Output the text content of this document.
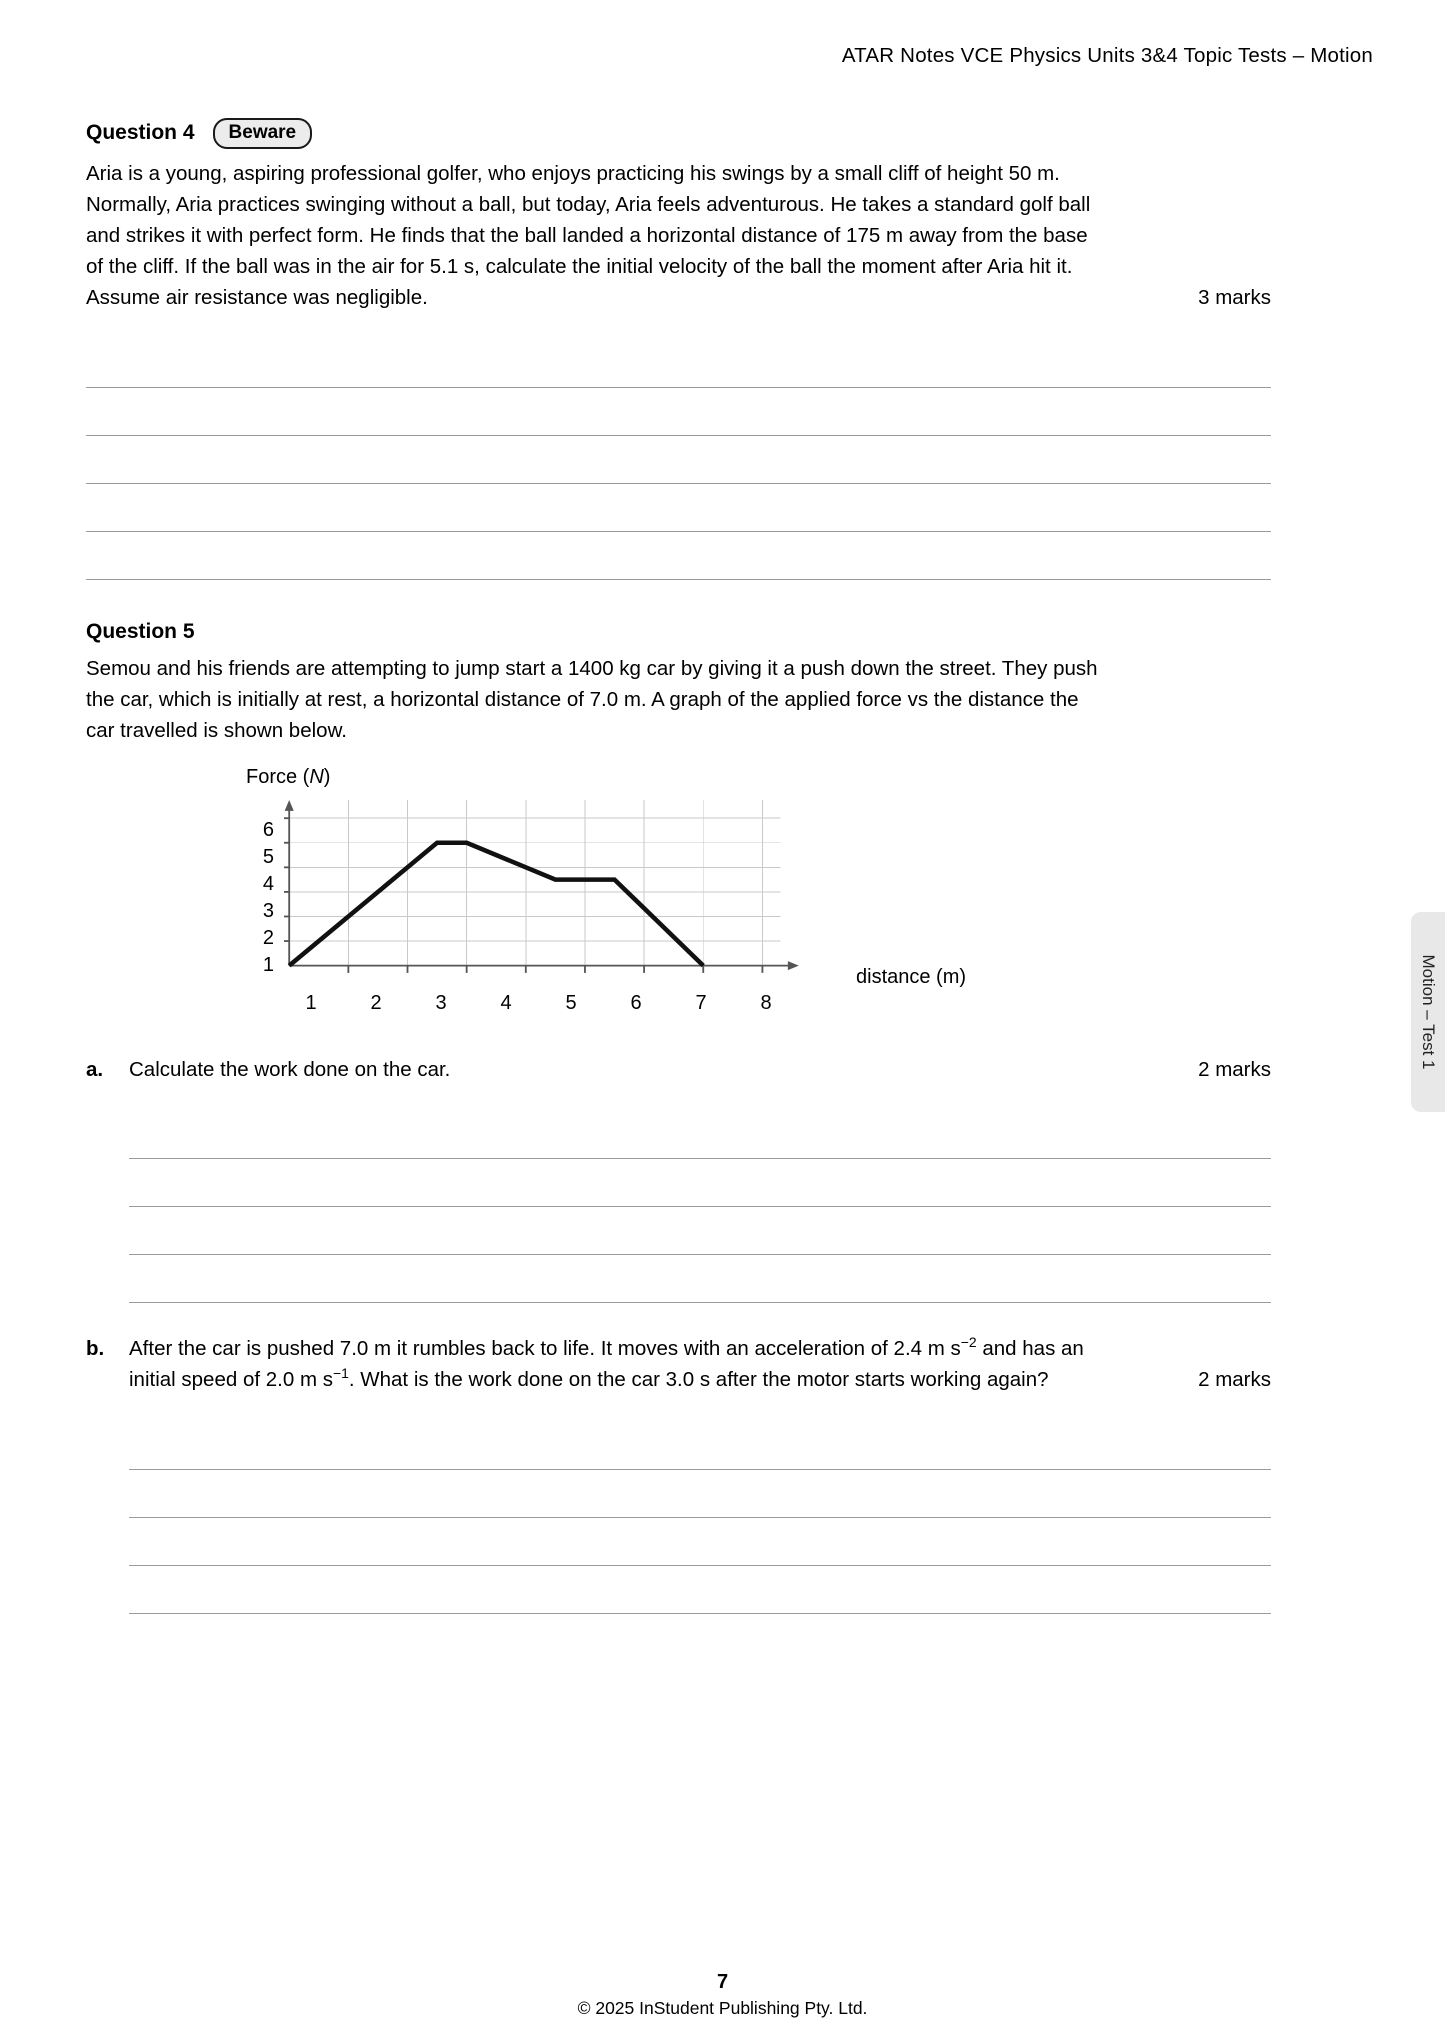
ATAR Notes VCE Physics Units 3&4 Topic Tests – Motion
Question 4	Beware
Aria is a young, aspiring professional golfer, who enjoys practicing his swings by a small cliff of height 50 m.
Normally, Aria practices swinging without a ball, but today, Aria feels adventurous. He takes a standard golf ball
and strikes it with perfect form. He finds that the ball landed a horizontal distance of 175 m away from the base
of the cliff. If the ball was in the air for 5.1 s, calculate the initial velocity of the ball the moment after Aria hit it.
Assume air resistance was negligible.	3 marks
Question 5
Semou and his friends are attempting to jump start a 1400 kg car by giving it a push down the street. They push
the car, which is initially at rest, a horizontal distance of 7.0 m. A graph of the applied force vs the distance the
car travelled is shown below.
Force (N)
6
5
4
3
2
1
1	2	3	4	5	6	7	8
distance (m)
a.	Calculate the work done on the car.	2 marks
b.	After the car is pushed 7.0 m it rumbles back to life. It moves with an acceleration of 2.4 m $s^{-2}$ and has an
initial speed of 2.0 m $s^{-1}$. What is the work done on the car 3.0 s after the motor starts working again?	2 marks
Motion – Test 1
7
© 2025 InStudent Publishing Pty. Ltd.
